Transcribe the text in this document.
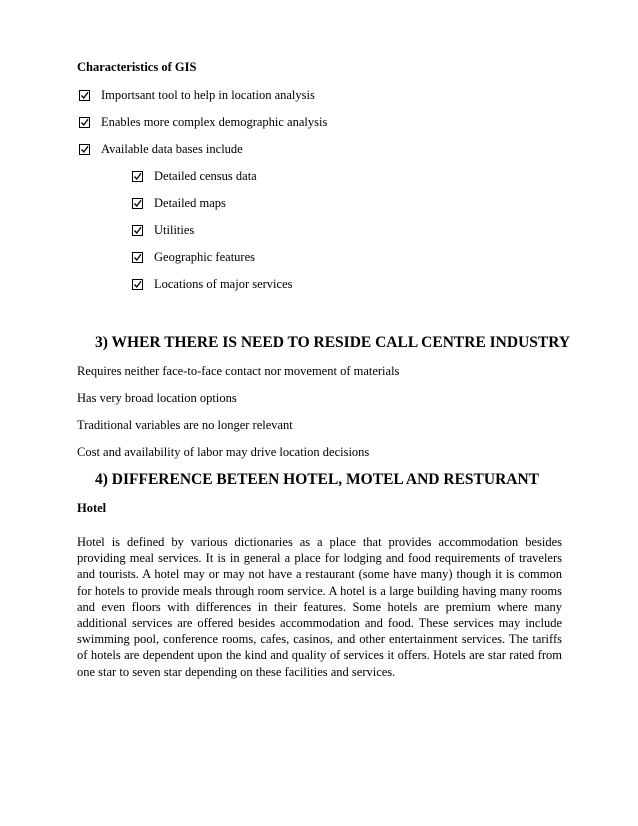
Characteristics of GIS

Importsant tool to help in location analysis
Enables more complex demographic analysis
Available data bases include
Detailed census data
Detailed maps
Utilities
Geographic features
Locations of major services
3) WHER THERE IS NEED TO RESIDE CALL CENTRE INDUSTRY

Requires neither face-to-face contact nor movement of materials

Has very broad location options

Traditional variables are no longer relevant

Cost and availability of labor may drive location decisions

4) DIFFERENCE BETEEN HOTEL, MOTEL AND RESTURANT

Hotel

Hotel is defined by various dictionaries as a place that provides accommodation besides providing meal services. It is in general a place for lodging and food requirements of travelers and tourists. A hotel may or may not have a restaurant (some have many) though it is common for hotels to provide meals through room service. A hotel is a large building having many rooms and even floors with differences in their features. Some hotels are premium where many additional services are offered besides accommodation and food. These services may include swimming pool, conference rooms, cafes, casinos, and other entertainment services. The tariffs of hotels are dependent upon the kind and quality of services it offers. Hotels are star rated from one star to seven star depending on these facilities and services.
